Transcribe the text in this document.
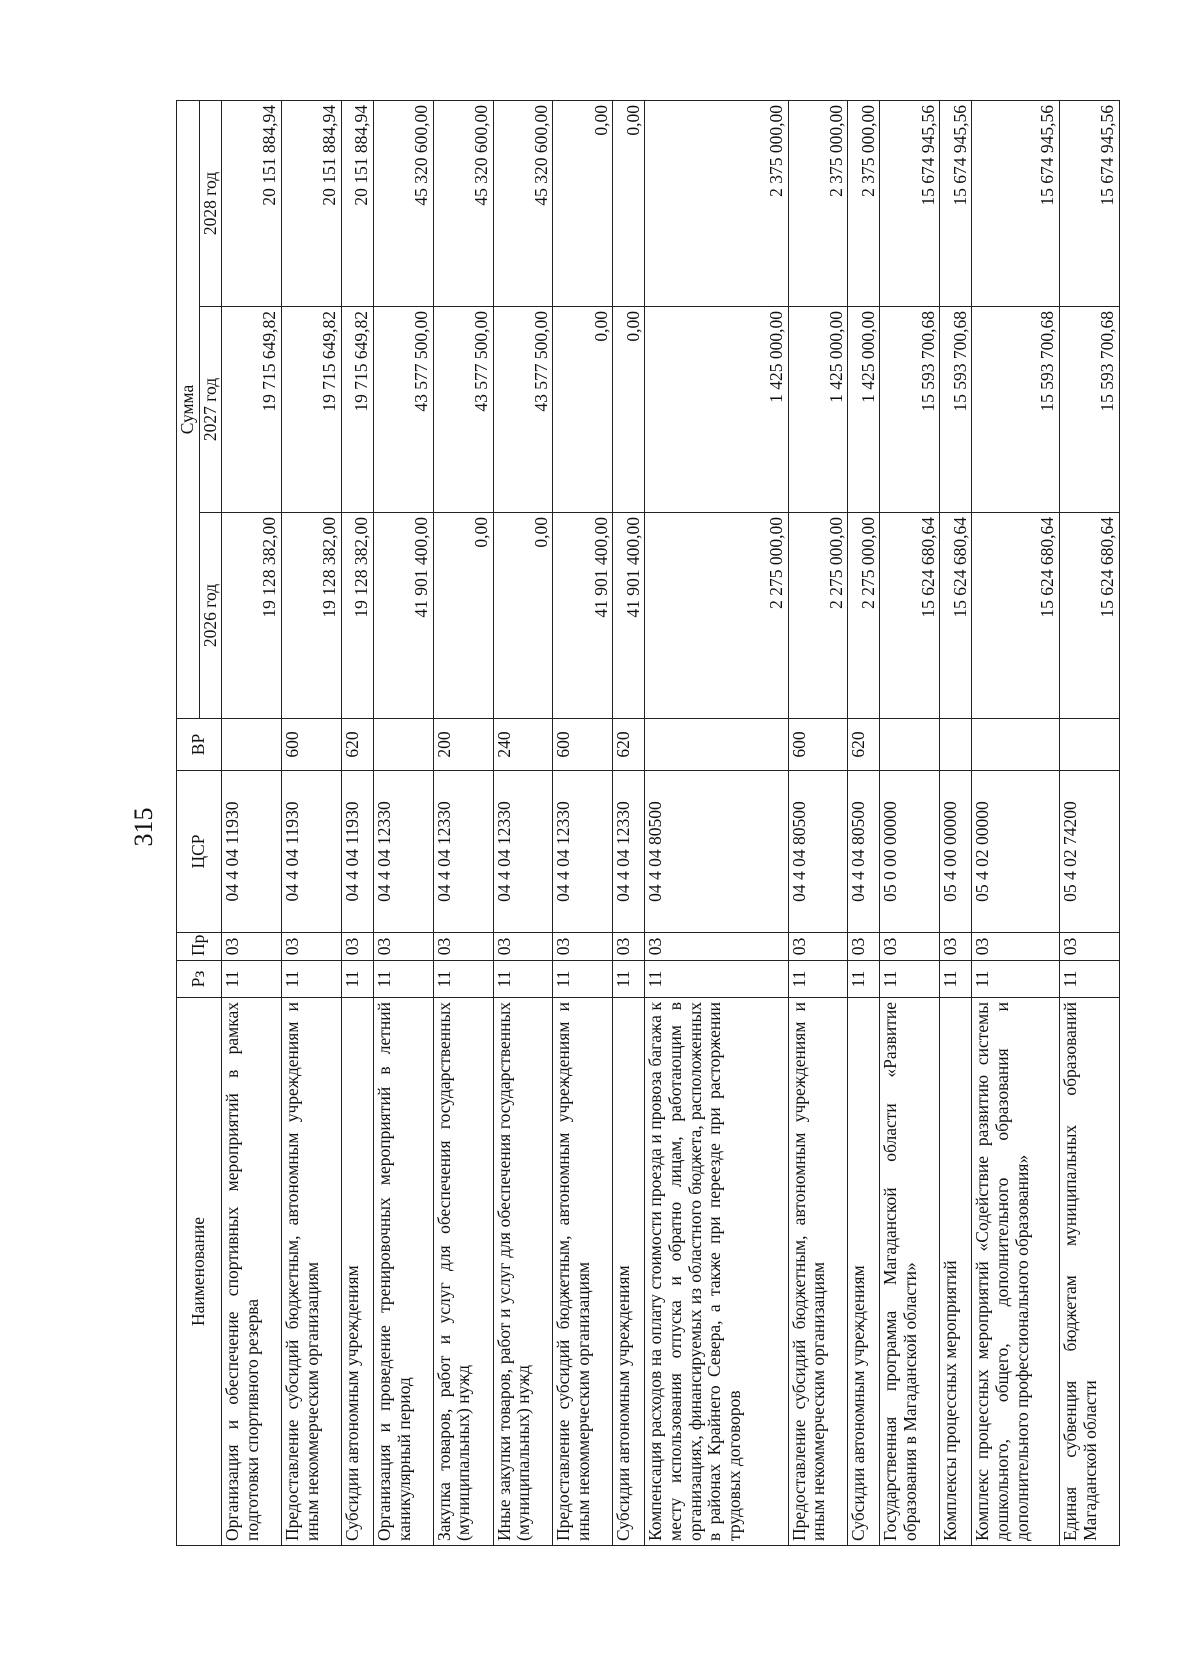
315
Наименование	Рз	Пр	ЦСР	ВР	Сумма		
					2026 год	2027 год	2028 год
Организация и обеспечение спортивных мероприятий в рамках подготовки спортивного резерва	11	03	04 4 04 11930		19 128 382,00	19 715 649,82	20 151 884,94
Предоставление субсидий бюджетным, автономным учреждениям и иным некоммерческим организациям	11	03	04 4 04 11930	600	19 128 382,00	19 715 649,82	20 151 884,94
Субсидии автономным учреждениям	11	03	04 4 04 11930	620	19 128 382,00	19 715 649,82	20 151 884,94
Организация и проведение тренировочных мероприятий в летний каникулярный период	11	03	04 4 04 12330		41 901 400,00	43 577 500,00	45 320 600,00
Закупка товаров, работ и услуг для обеспечения государственных (муниципальных) нужд	11	03	04 4 04 12330	200	0,00	43 577 500,00	45 320 600,00
Иные закупки товаров, работ и услуг для обеспечения государственных (муниципальных) нужд	11	03	04 4 04 12330	240	0,00	43 577 500,00	45 320 600,00
Предоставление субсидий бюджетным, автономным учреждениям и иным некоммерческим организациям	11	03	04 4 04 12330	600	41 901 400,00	0,00	0,00
Субсидии автономным учреждениям	11	03	04 4 04 12330	620	41 901 400,00	0,00	0,00
Компенсация расходов на оплату стоимости проезда и провоза багажа к месту использования отпуска и обратно лицам, работающим в организациях, финансируемых из областного бюджета, расположенных в районах Крайнего Севера, а также при переезде при расторжении трудовых договоров	11	03	04 4 04 80500		2 275 000,00	1 425 000,00	2 375 000,00
Предоставление субсидий бюджетным, автономным учреждениям и иным некоммерческим организациям	11	03	04 4 04 80500	600	2 275 000,00	1 425 000,00	2 375 000,00
Субсидии автономным учреждениям	11	03	04 4 04 80500	620	2 275 000,00	1 425 000,00	2 375 000,00
Государственная программа Магаданской области «Развитие образования в Магаданской области»	11	03	05 0 00 00000		15 624 680,64	15 593 700,68	15 674 945,56
Комплексы процессных мероприятий	11	03	05 4 00 00000		15 624 680,64	15 593 700,68	15 674 945,56
Комплекс процессных мероприятий «Содействие развитию системы дошкольного, общего, дополнительного образования и дополнительного профессионального образования»	11	03	05 4 02 00000		15 624 680,64	15 593 700,68	15 674 945,56
Единая субвенция бюджетам муниципальных образований Магаданской области	11	03	05 4 02 74200		15 624 680,64	15 593 700,68	15 674 945,56
